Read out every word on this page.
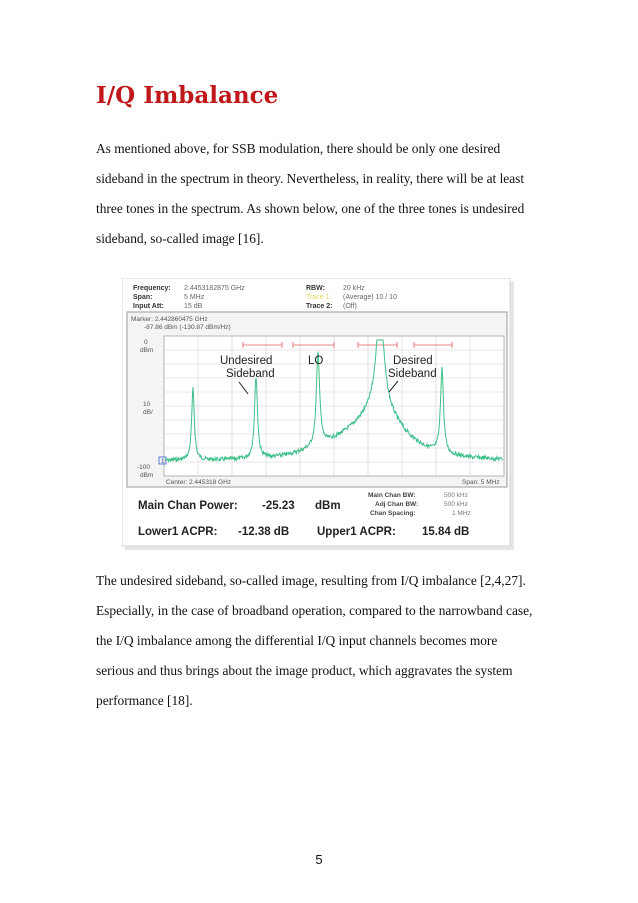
I/Q Imbalance

As mentioned above, for SSB modulation, there should be only one desired
sideband in the spectrum in theory. Nevertheless, in reality, there will be at least
three tones in the spectrum. As shown below, one of the three tones is undesired
sideband, so-called image [16].

Frequency: 2.4453182875 GHz
Span:	5 MHz
Input Att:	15 dB
RBW:	20 kHz
Trace 1: (Average) 10 / 10
Trace 2: (Off)
Marker: 2.442860475 GHz
-87.86 dBm (-130.87 dBm/Hz)
0
dBm
10
dB/
-100
dBm
Center: 2.445318 GHz	Span: 5 MHz
1
Undesired
Sideband
LO	Desired
Sideband
Main Chan Power: -25.23 dBm
Lower1 ACPR: -12.38 dB Upper1 ACPR: 15.84 dB
Main Chan BW:	500 kHz
Adj Chan BW:	500 kHz
Chan Spacing:	1 MHz

The undesired sideband, so-called image, resulting from I/Q imbalance [2,4,27].
Especially, in the case of broadband operation, compared to the narrowband case,
the I/Q imbalance among the differential I/Q input channels becomes more
serious and thus brings about the image product, which aggravates the system
performance [18].

5
